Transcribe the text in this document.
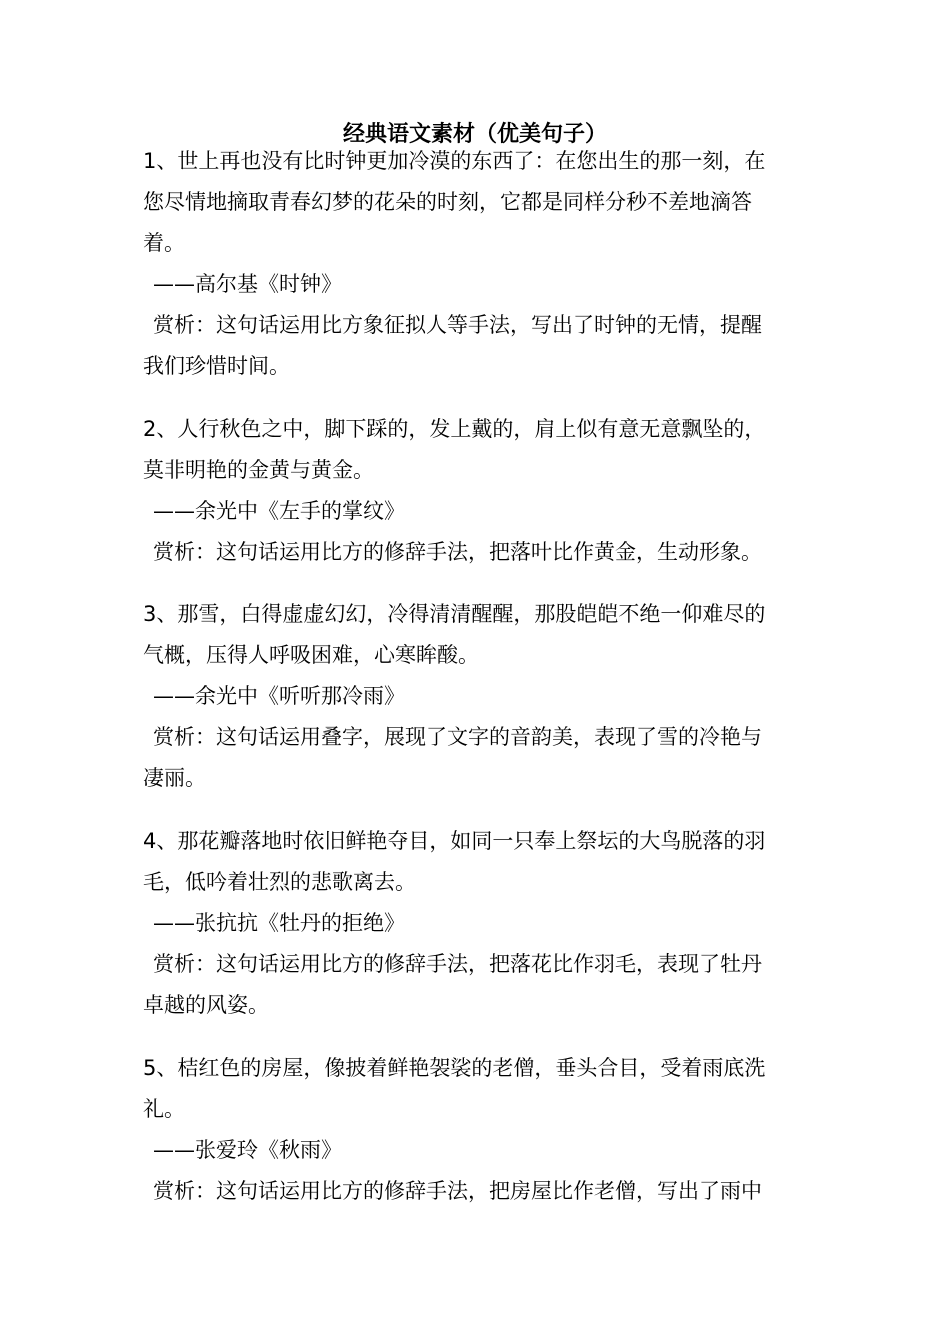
经典语文素材（优美句子）
1、世上再也没有比时钟更加冷漠的东西了：在您出生的那一刻，在
您尽情地摘取青春幻梦的花朵的时刻，它都是同样分秒不差地滴答
着。
——高尔基《时钟》
赏析：这句话运用比方象征拟人等手法，写出了时钟的无情，提醒
我们珍惜时间。
2、人行秋色之中，脚下踩的，发上戴的，肩上似有意无意飘坠的，
莫非明艳的金黄与黄金。
——余光中《左手的掌纹》
赏析：这句话运用比方的修辞手法，把落叶比作黄金，生动形象。
3、那雪，白得虚虚幻幻，冷得清清醒醒，那股皑皑不绝一仰难尽的
气概，压得人呼吸困难，心寒眸酸。
——余光中《听听那冷雨》
赏析：这句话运用叠字，展现了文字的音韵美，表现了雪的冷艳与
凄丽。
4、那花瓣落地时依旧鲜艳夺目，如同一只奉上祭坛的大鸟脱落的羽
毛，低吟着壮烈的悲歌离去。
——张抗抗《牡丹的拒绝》
赏析：这句话运用比方的修辞手法，把落花比作羽毛，表现了牡丹
卓越的风姿。
5、桔红色的房屋，像披着鲜艳袈裟的老僧，垂头合目，受着雨底洗
礼。
——张爱玲《秋雨》
赏析：这句话运用比方的修辞手法，把房屋比作老僧，写出了雨中
